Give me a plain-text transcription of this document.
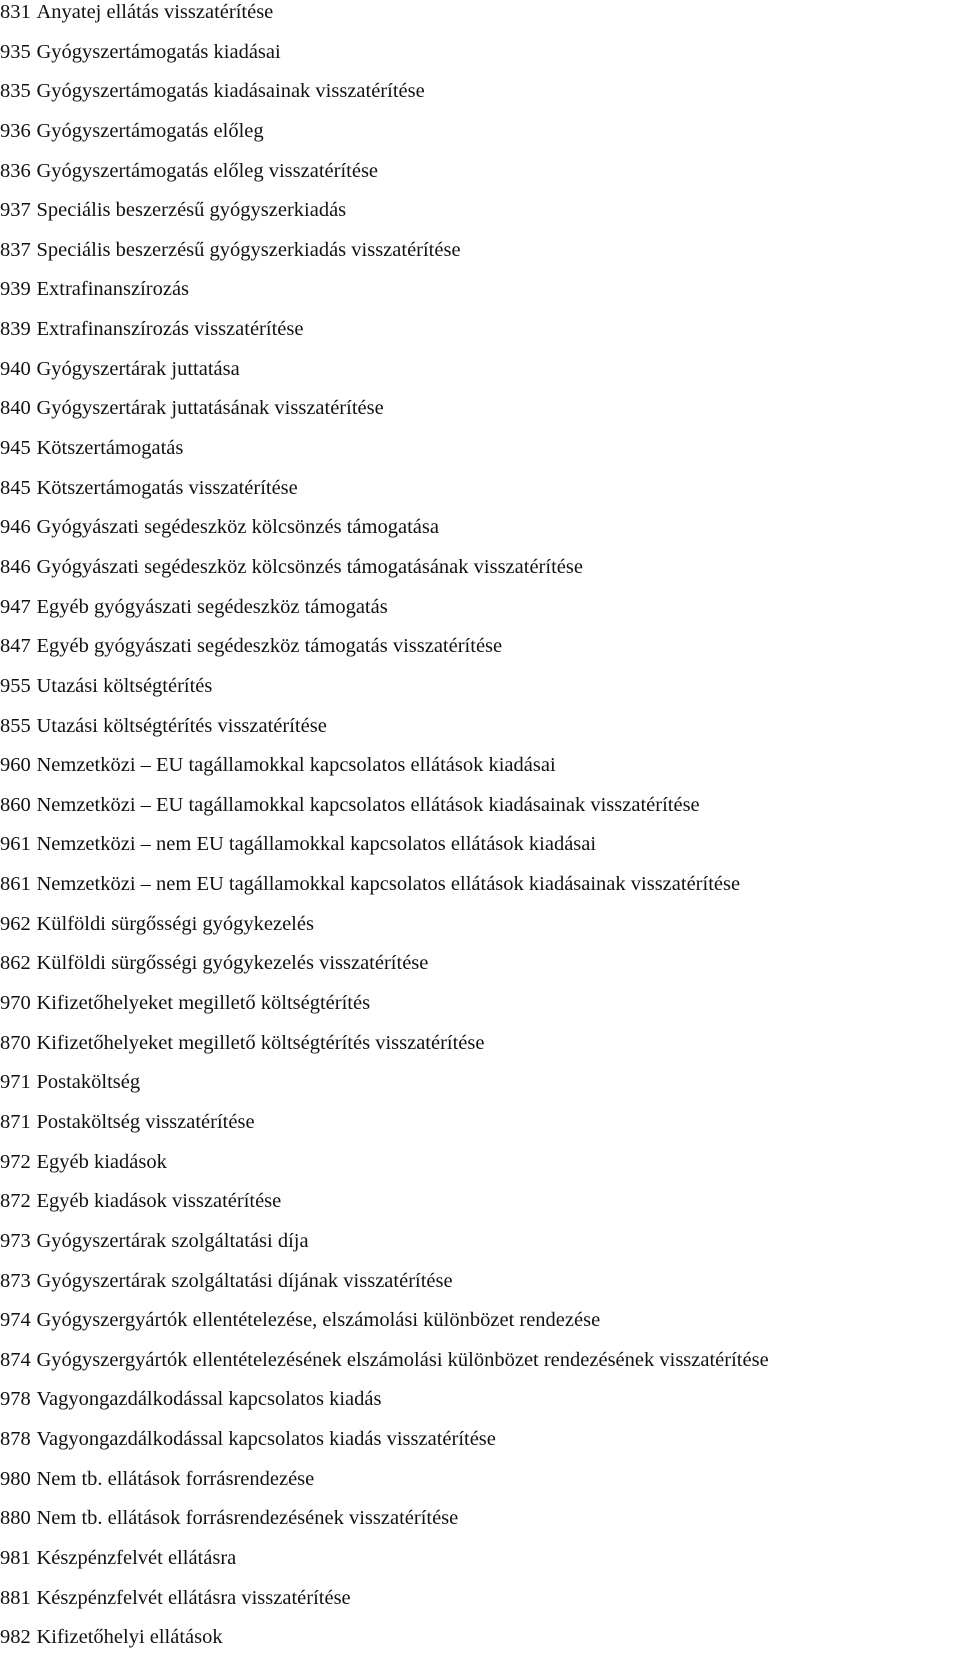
831 Anyatej ellátás visszatérítése
935 Gyógyszertámogatás kiadásai
835 Gyógyszertámogatás kiadásainak visszatérítése
936 Gyógyszertámogatás előleg
836 Gyógyszertámogatás előleg visszatérítése
937 Speciális beszerzésű gyógyszerkiadás
837 Speciális beszerzésű gyógyszerkiadás visszatérítése
939 Extrafinanszírozás
839 Extrafinanszírozás visszatérítése
940 Gyógyszertárak juttatása
840 Gyógyszertárak juttatásának visszatérítése
945 Kötszertámogatás
845 Kötszertámogatás visszatérítése
946 Gyógyászati segédeszköz kölcsönzés támogatása
846 Gyógyászati segédeszköz kölcsönzés támogatásának visszatérítése
947 Egyéb gyógyászati segédeszköz támogatás
847 Egyéb gyógyászati segédeszköz támogatás visszatérítése
955 Utazási költségtérítés
855 Utazási költségtérítés visszatérítése
960 Nemzetközi – EU tagállamokkal kapcsolatos ellátások kiadásai
860 Nemzetközi – EU tagállamokkal kapcsolatos ellátások kiadásainak visszatérítése
961 Nemzetközi – nem EU tagállamokkal kapcsolatos ellátások kiadásai
861 Nemzetközi – nem EU tagállamokkal kapcsolatos ellátások kiadásainak visszatérítése
962 Külföldi sürgősségi gyógykezelés
862 Külföldi sürgősségi gyógykezelés visszatérítése
970 Kifizetőhelyeket megillető költségtérítés
870 Kifizetőhelyeket megillető költségtérítés visszatérítése
971 Postaköltség
871 Postaköltség visszatérítése
972 Egyéb kiadások
872 Egyéb kiadások visszatérítése
973 Gyógyszertárak szolgáltatási díja
873 Gyógyszertárak szolgáltatási díjának visszatérítése
974 Gyógyszergyártók ellentételezése, elszámolási különbözet rendezése
874 Gyógyszergyártók ellentételezésének elszámolási különbözet rendezésének visszatérítése
978 Vagyongazdálkodással kapcsolatos kiadás
878 Vagyongazdálkodással kapcsolatos kiadás visszatérítése
980 Nem tb. ellátások forrásrendezése
880 Nem tb. ellátások forrásrendezésének visszatérítése
981 Készpénzfelvét ellátásra
881 Készpénzfelvét ellátásra visszatérítése
982 Kifizetőhelyi ellátások
